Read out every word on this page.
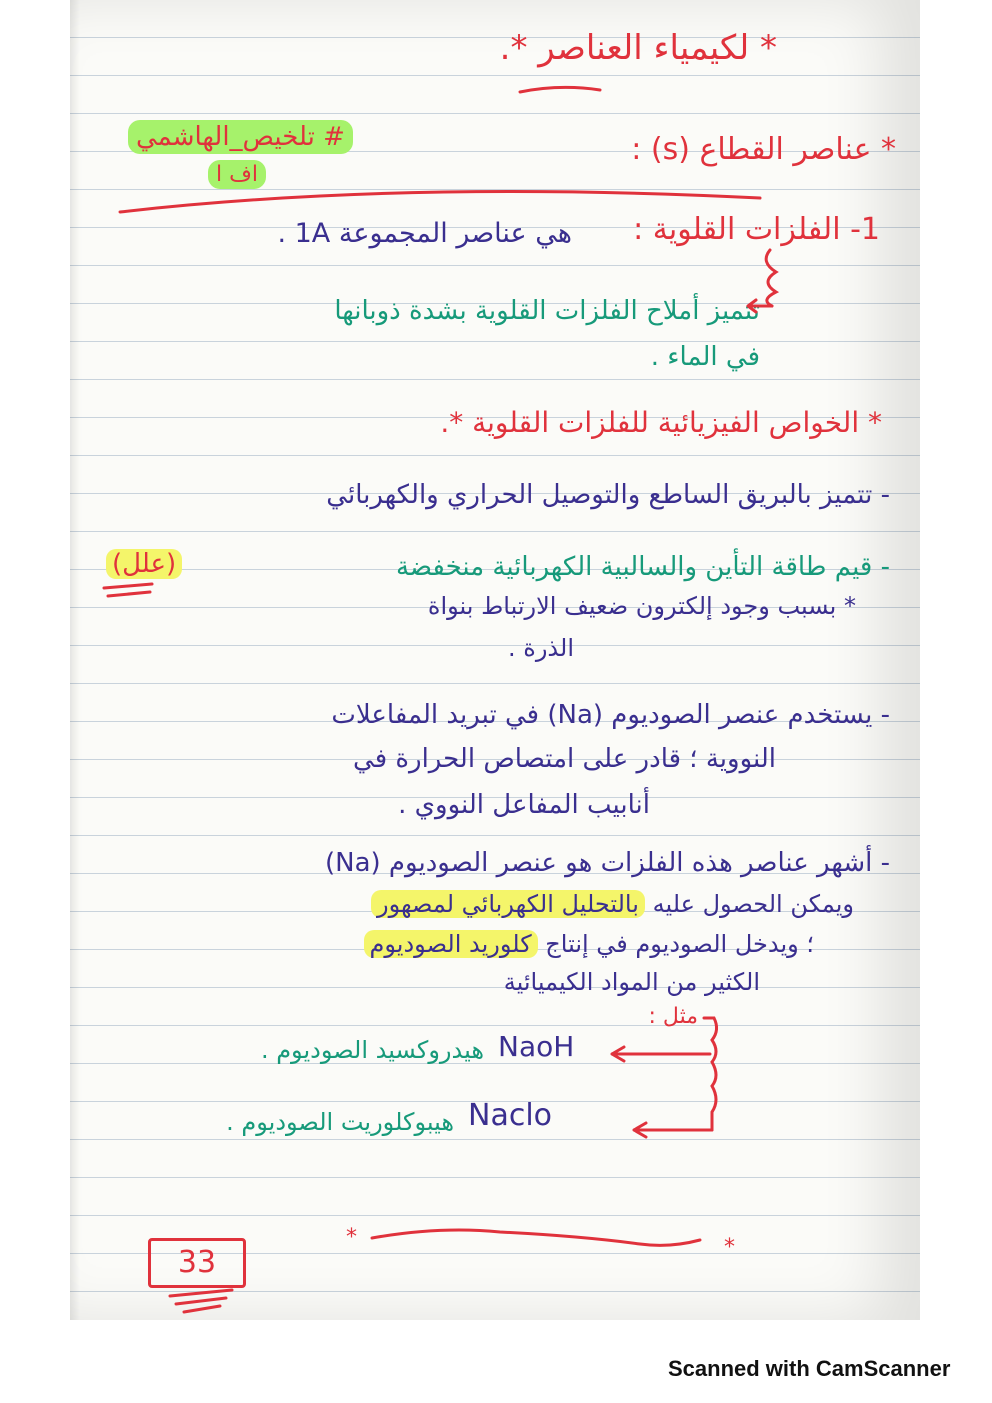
* لكيمياء العناصر *.
# تلخيص_الهاشمي
اف ا
* عناصر القطاع (s) :
1- الفلزات القلوية :
هي عناصر المجموعة 1A .
تتميز أملاح الفلزات القلوية بشدة ذوبانها
في الماء .
* الخواص الفيزيائية للفلزات القلوية *.
- تتميز بالبريق الساطع والتوصيل الحراري والكهربائي
- قيم طاقة التأين والسالبية الكهربائية منخفضة
(علل)
* بسبب وجود إلكترون ضعيف الارتباط بنواة
الذرة .
- يستخدم عنصر الصوديوم (Na) في تبريد المفاعلات
النووية ؛ قادر على امتصاص الحرارة في
أنابيب المفاعل النووي .
- أشهر عناصر هذه الفلزات هو عنصر الصوديوم (Na)
ويمكن الحصول عليه بالتحليل الكهربائي لمصهور
؛ ويدخل الصوديوم في إنتاج كلوريد الصوديوم
الكثير من المواد الكيميائية
مثل :
NaoH
هيدروكسيد الصوديوم .
Naclo
هيبوكلوريت الصوديوم .
*	*
33
Scanned with CamScanner
